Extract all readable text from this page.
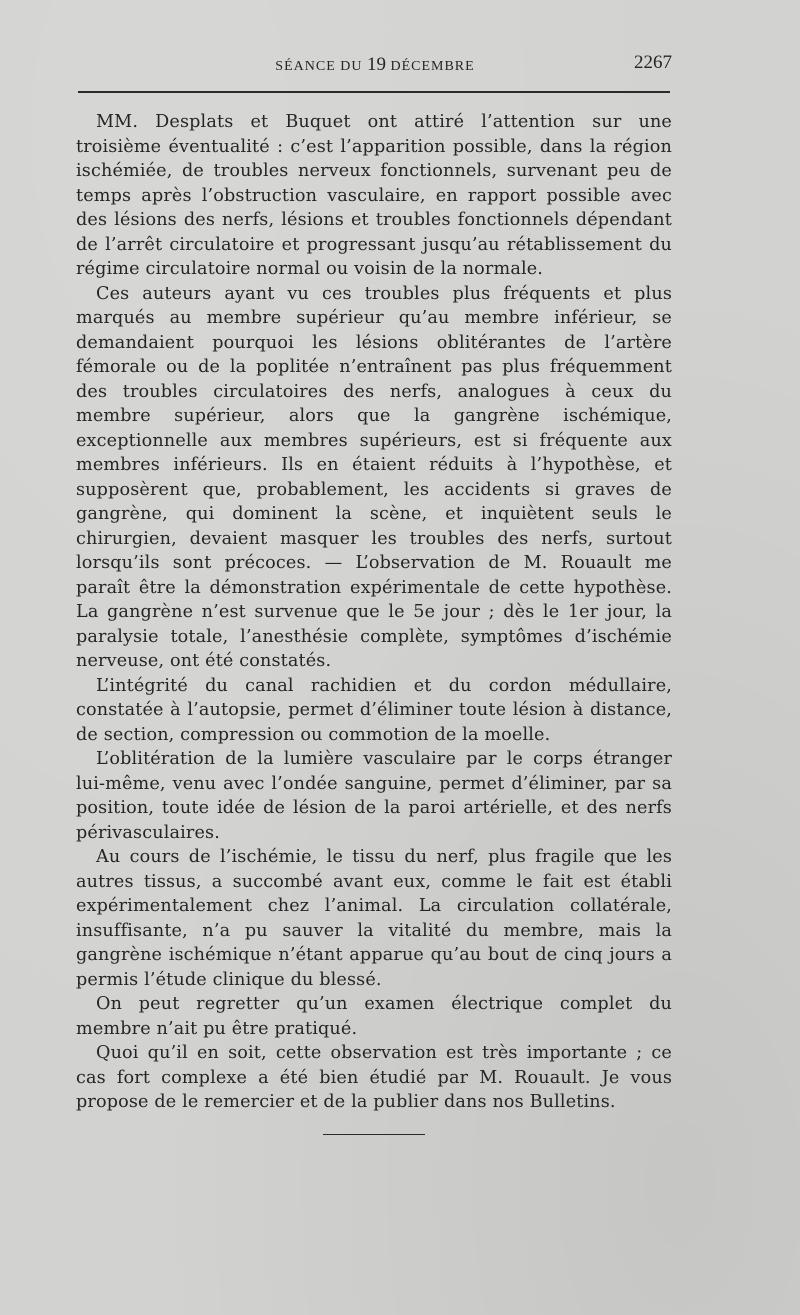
SÉANCE DU 19 DÉCEMBRE	2267

MM. Desplats et Buquet ont attiré l’attention sur une troisième éventualité : c’est l’apparition possible, dans la région ischémiée, de troubles nerveux fonctionnels, survenant peu de temps après l’obstruction vasculaire, en rapport possible avec des lésions des nerfs, lésions et troubles fonctionnels dépendant de l’arrêt circulatoire et progressant jusqu’au rétablissement du régime circulatoire normal ou voisin de la normale.

Ces auteurs ayant vu ces troubles plus fréquents et plus marqués au membre supérieur qu’au membre inférieur, se demandaient pourquoi les lésions oblitérantes de l’artère fémorale ou de la poplitée n’entraînent pas plus fréquemment des troubles circulatoires des nerfs, analogues à ceux du membre supérieur, alors que la gangrène ischémique, exceptionnelle aux membres supérieurs, est si fréquente aux membres inférieurs. Ils en étaient réduits à l’hypothèse, et supposèrent que, probablement, les accidents si graves de gangrène, qui dominent la scène, et inquiètent seuls le chirurgien, devaient masquer les troubles des nerfs, surtout lorsqu’ils sont précoces. — L’observation de M. Rouault me paraît être la démonstration expérimentale de cette hypothèse. La gangrène n’est survenue que le 5e jour ; dès le 1er jour, la paralysie totale, l’anesthésie complète, symptômes d’ischémie nerveuse, ont été constatés.

L’intégrité du canal rachidien et du cordon médullaire, constatée à l’autopsie, permet d’éliminer toute lésion à distance, de section, compression ou commotion de la moelle.

L’oblitération de la lumière vasculaire par le corps étranger lui-même, venu avec l’ondée sanguine, permet d’éliminer, par sa position, toute idée de lésion de la paroi artérielle, et des nerfs périvasculaires.

Au cours de l’ischémie, le tissu du nerf, plus fragile que les autres tissus, a succombé avant eux, comme le fait est établi expérimentalement chez l’animal. La circulation collatérale, insuffisante, n’a pu sauver la vitalité du membre, mais la gangrène ischémique n’étant apparue qu’au bout de cinq jours a permis l’étude clinique du blessé.

On peut regretter qu’un examen électrique complet du membre n’ait pu être pratiqué.

Quoi qu’il en soit, cette observation est très importante ; ce cas fort complexe a été bien étudié par M. Rouault. Je vous propose de le remercier et de la publier dans nos Bulletins.
